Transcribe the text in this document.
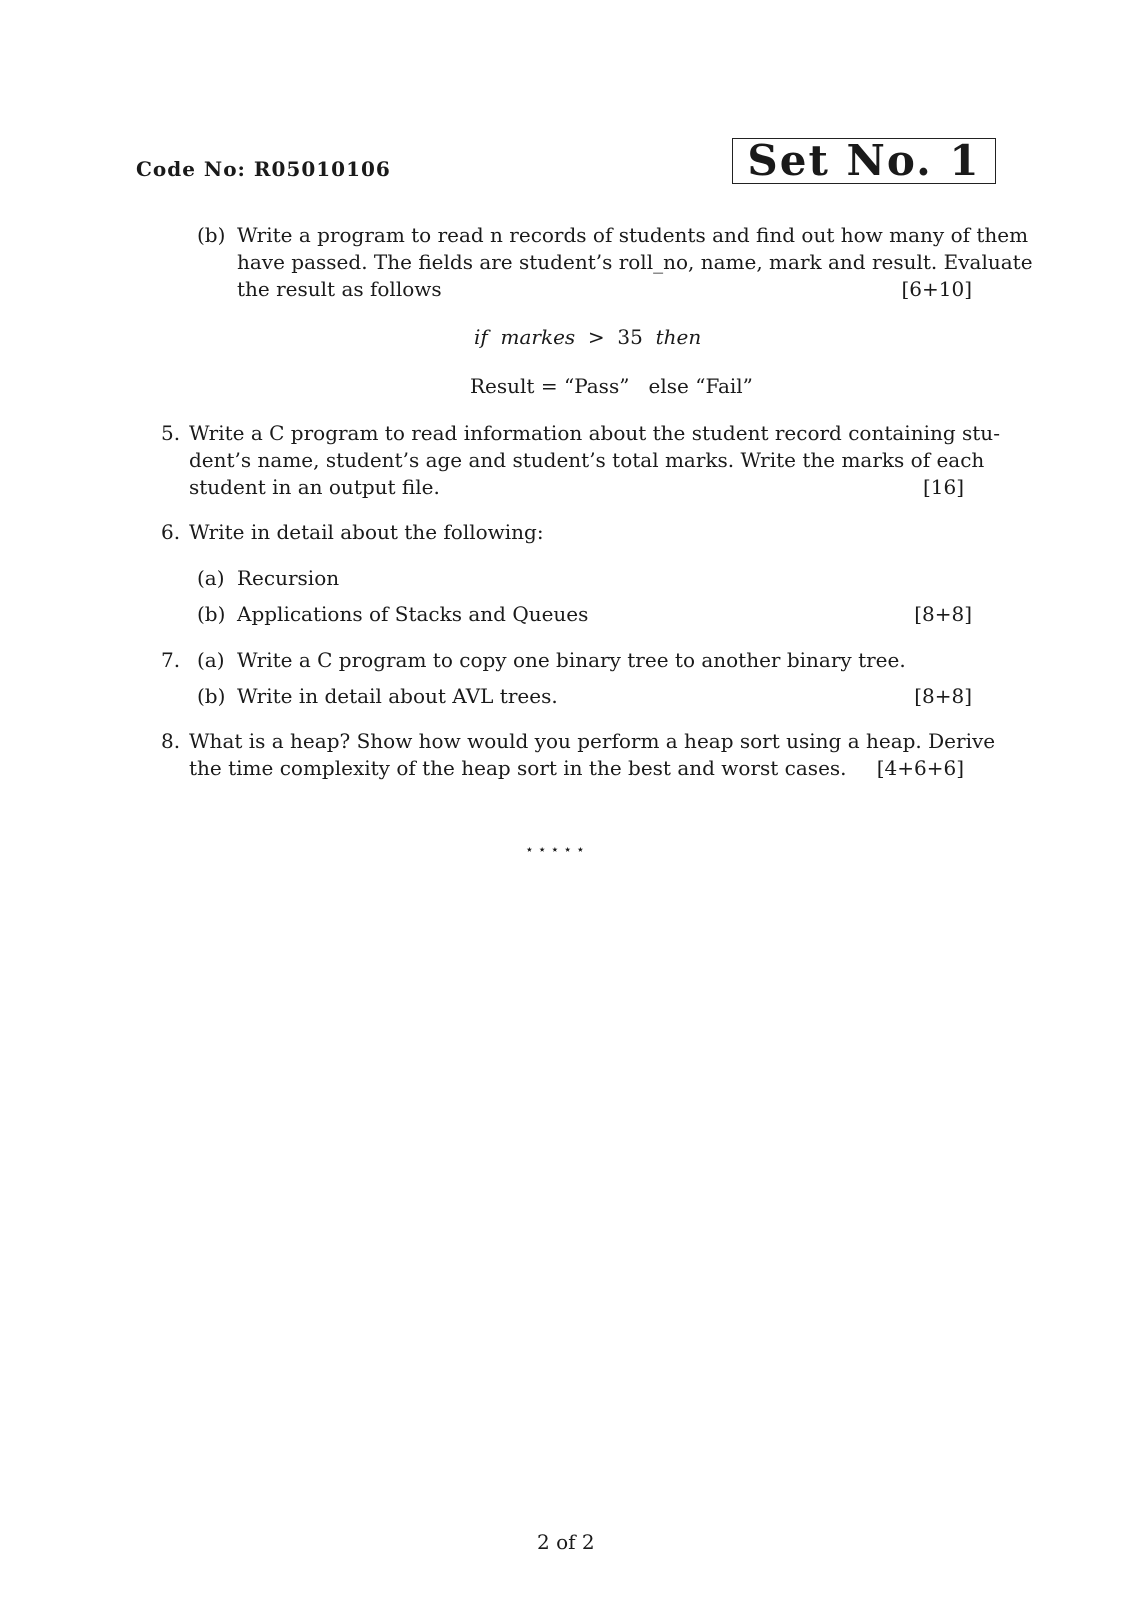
Code No: R05010106	Set No. 1
(b) Write a program to read n records of students and find out how many of them
have passed. The fields are student’s roll_no, name, mark and result. Evaluate
the result as follows	[6+10]
if markes > 35 then
Result = “Pass” else “Fail”
5. Write a C program to read information about the student record containing stu-
dent’s name, student’s age and student’s total marks. Write the marks of each
student in an output file.	[16]
6. Write in detail about the following:
(a) Recursion
(b) Applications of Stacks and Queues	[8+8]
7. (a) Write a C program to copy one binary tree to another binary tree.
(b) Write in detail about AVL trees.	[8+8]
8. What is a heap? Show how would you perform a heap sort using a heap. Derive
the time complexity of the heap sort in the best and worst cases. [4+6+6]
⋆⋆⋆⋆⋆
2 of 2
